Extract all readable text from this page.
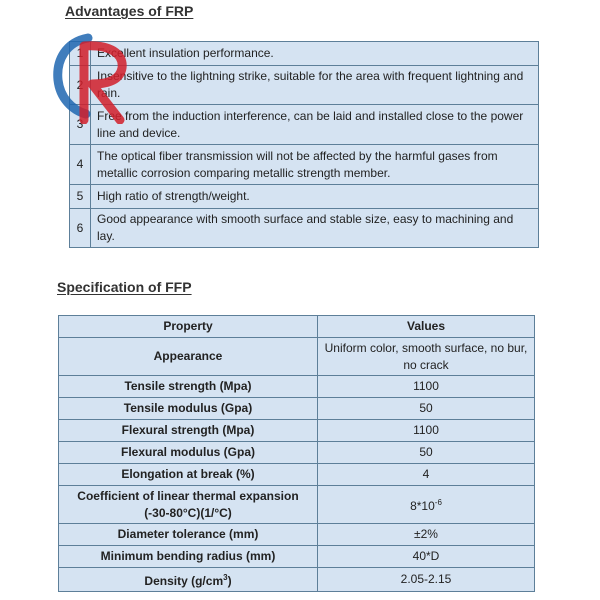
Advantages of FRP
1	Excellent insulation performance.
2	Insensitive to the lightning strike, suitable for the area with frequent lightning and rain.
3	Free from the induction interference, can be laid and installed close to the power line and device.
4	The optical fiber transmission will not be affected by the harmful gases from metallic corrosion comparing metallic strength member.
5	High ratio of strength/weight.
6	Good appearance with smooth surface and stable size, easy to machining and lay.
Specification of FFP
Property	Values
Appearance	Uniform color, smooth surface, no bur, no crack
Tensile strength (Mpa)	1100
Tensile modulus (Gpa)	50
Flexural strength (Mpa)	1100
Flexural modulus (Gpa)	50
Elongation at break (%)	4
Coefficient of linear thermal expansion (-30-80°C)(1/°C)	$8*10^{-6}$
Diameter tolerance (mm)	±2%
Minimum bending radius (mm)	40*D
Density $(g/cm^3)$	2.05-2.15
